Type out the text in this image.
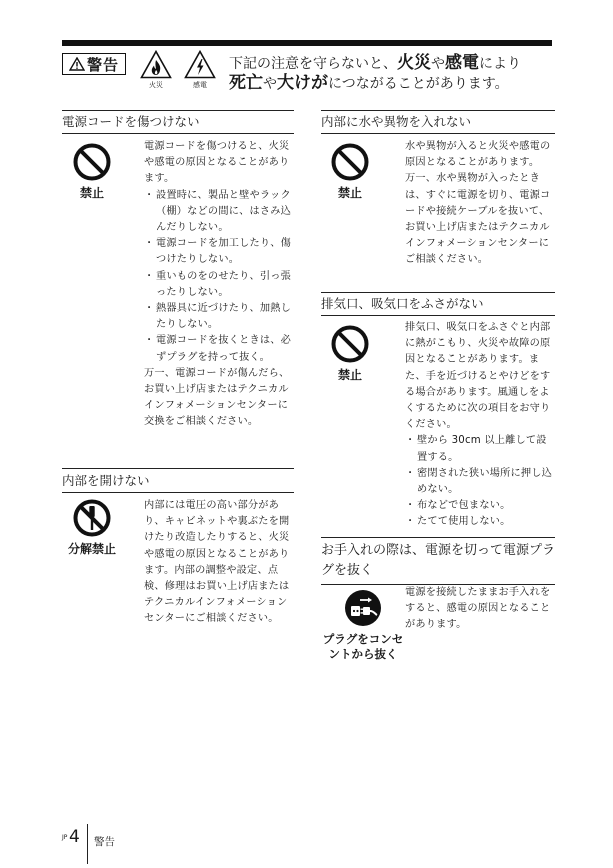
警告
火災	感電
下記の注意を守らないと、火災や感電により
死亡や大けがにつながることがあります。
電源コードを傷つけない
禁止

電源コードを傷つけると、火災や感電の原因となることがあります。

・ 設置時に、製品と壁やラック（棚）などの間に、はさみ込んだりしない。
・ 電源コードを加工したり、傷つけたりしない。
・ 重いものをのせたり、引っ張ったりしない。
・ 熱器具に近づけたり、加熱したりしない。
・ 電源コードを抜くときは、必ずプラグを持って抜く。

万一、電源コードが傷んだら、お買い上げ店またはテクニカルインフォメーションセンターに交換をご相談ください。

内部を開けない
分解禁止

内部には電圧の高い部分があり、キャビネットや裏ぶたを開けたり改造したりすると、火災や感電の原因となることがあります。内部の調整や設定、点検、修理はお買い上げ店またはテクニカルインフォメーションセンターにご相談ください。

内部に水や異物を入れない
禁止

水や異物が入ると火災や感電の原因となることがあります。

万一、水や異物が入ったときは、すぐに電源を切り、電源コードや接続ケーブルを抜いて、お買い上げ店またはテクニカルインフォメーションセンターにご相談ください。

排気口、吸気口をふさがない
禁止

排気口、吸気口をふさぐと内部に熱がこもり、火災や故障の原因となることがあります。また、手を近づけるとやけどをする場合があります。風通しをよくするために次の項目をお守りください。

・ 壁から 30cm 以上離して設置する。
・ 密閉された狭い場所に押し込めない。
・ 布などで包まない。
・ たてて使用しない。
お手入れの際は、電源を切って電源プラグを抜く
プラグをコンセントから抜く

電源を接続したままお手入れをすると、感電の原因となることがあります。

JP 4 警告
